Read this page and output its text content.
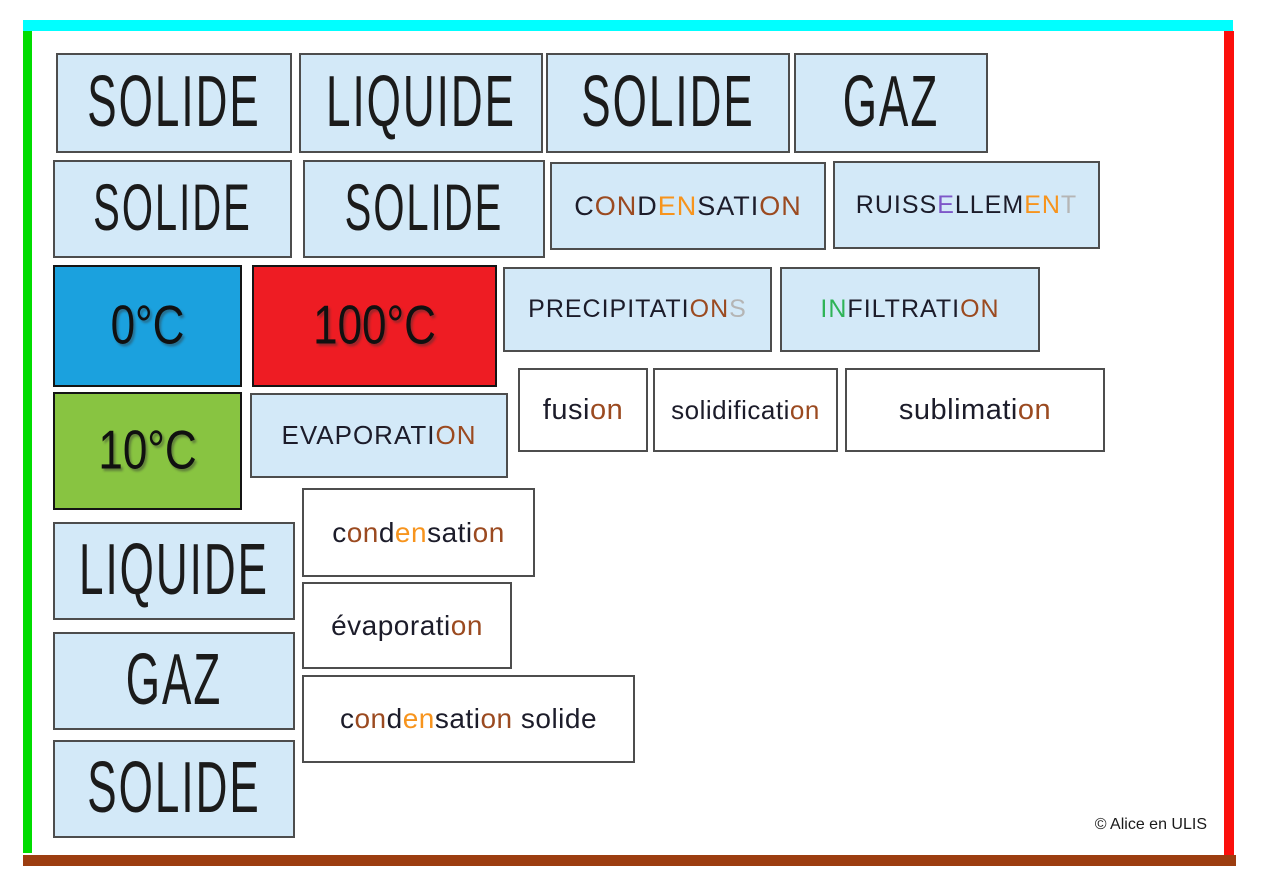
SOLIDE LIQUIDE SOLIDE GAZ
SOLIDE SOLIDE	CONDENSATION RUISSELLEMENT
0°C	100°C	PRECIPITATIONS	INFILTRATION
10°C	EVAPORATION
fusion solidification	sublimation
condensation
évaporation
condensation solide
LIQUIDE
GAZ
SOLIDE	© Alice en ULIS
